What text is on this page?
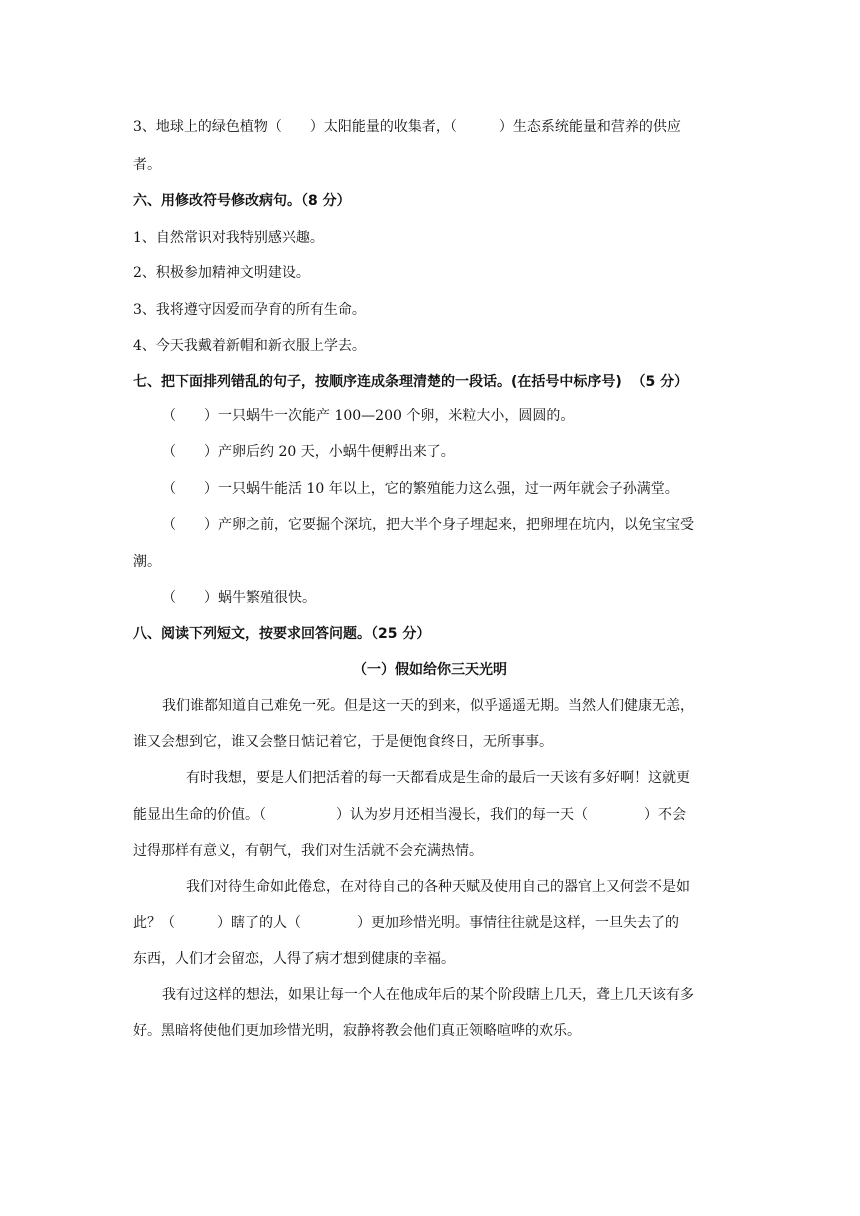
3、地球上的绿色植物（　　）太阳能量的收集者，（　　　）生态系统能量和营养的供应
者。
六、用修改符号修改病句。（8 分）
1、自然常识对我特别感兴趣。
2、积极参加精神文明建设。
3、我将遵守因爱而孕育的所有生命。
4、今天我戴着新帽和新衣服上学去。
七、把下面排列错乱的句子，按顺序连成条理清楚的一段话。(在括号中标序号)  （5 分）
（　　）一只蜗牛一次能产 100—200 个卵，米粒大小，圆圆的。
（　　）产卵后约 20 天，小蜗牛便孵出来了。
（　　）一只蜗牛能活 10 年以上，它的繁殖能力这么强，过一两年就会子孙满堂。
（　　）产卵之前，它要掘个深坑，把大半个身子埋起来，把卵埋在坑内，以免宝宝受
潮。
（　　）蜗牛繁殖很快。
八、阅读下列短文，按要求回答问题。（25 分）
（一）假如给你三天光明
我们谁都知道自己难免一死。但是这一天的到来，似乎遥遥无期。当然人们健康无恙，
谁又会想到它，谁又会整日惦记着它，于是便饱食终日，无所事事。
有时我想，要是人们把活着的每一天都看成是生命的最后一天该有多好啊！这就更
能显出生命的价值。（　　　　　）认为岁月还相当漫长，我们的每一天（　　　　）不会
过得那样有意义，有朝气，我们对生活就不会充满热情。
我们对待生命如此倦怠，在对待自己的各种天赋及使用自己的器官上又何尝不是如
此？（　　　）瞎了的人（　　　　）更加珍惜光明。事情往往就是这样，一旦失去了的
东西，人们才会留恋，人得了病才想到健康的幸福。
我有过这样的想法，如果让每一个人在他成年后的某个阶段瞎上几天，聋上几天该有多
好。黑暗将使他们更加珍惜光明，寂静将教会他们真正领略喧哗的欢乐。
